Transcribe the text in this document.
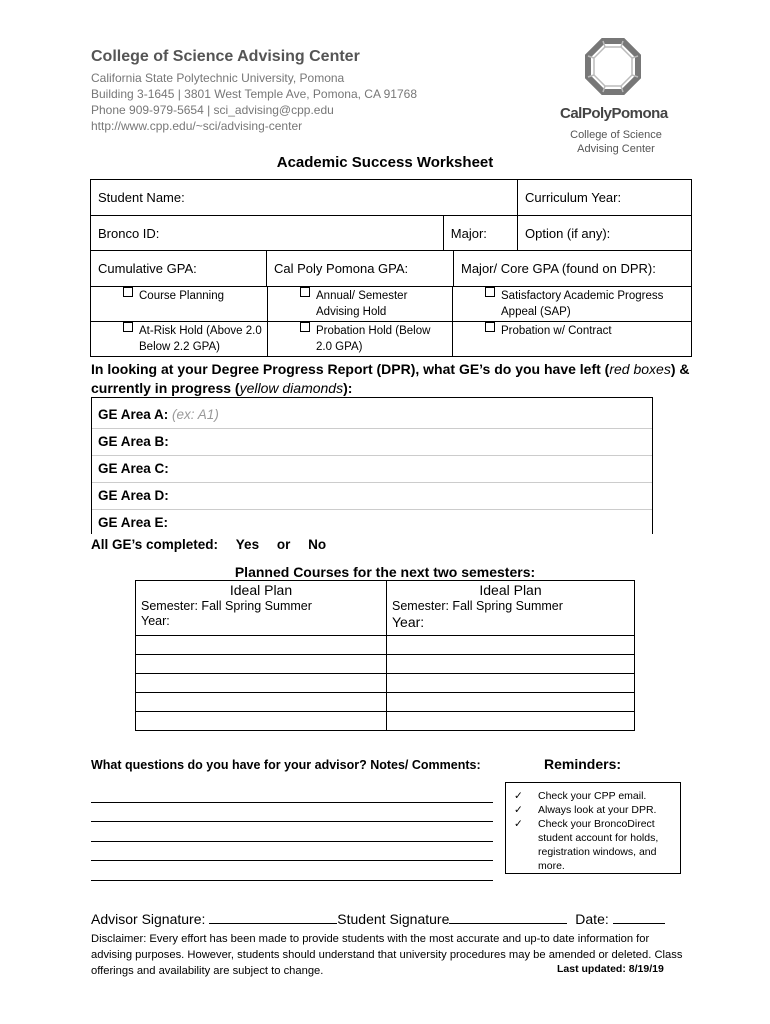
College of Science Advising Center
California State Polytechnic University, Pomona
Building 3-1645 | 3801 West Temple Ave, Pomona, CA 91768
Phone 909-979-5654 | sci_advising@cpp.edu
http://www.cpp.edu/~sci/advising-center
CalPolyPomona
College of Science
Advising Center
Academic Success Worksheet
Student Name:		Curriculum Year:
Bronco ID:	Major:	Option (if any):
Cumulative GPA:	Cal Poly Pomona GPA:	Major/ Core GPA (found on DPR):
Course Planning	Annual/ Semester Advising Hold	Satisfactory Academic Progress Appeal (SAP)

At-Risk Hold (Above 2.0 Below 2.2 GPA)	Probation Hold (Below 2.0 GPA)	Probation w/ Contract
In looking at your Degree Progress Report (DPR), what GE’s do you have left (red boxes) & currently in progress (yellow diamonds):
GE Area A: (ex: A1)
GE Area B:
GE Area C:
GE Area D:
GE Area E:
All GE’s completed: Yes or No
Planned Courses for the next two semesters:
Ideal Plan
Semester: Fall Spring Summer
Year:	Ideal Plan
Semester: Fall Spring Summer
Year:

What questions do you have for your advisor? Notes/ Comments:	Reminders:
✓	Check your CPP email.
✓	Always look at your DPR.
✓	Check your BroncoDirect student account for holds, registration windows, and more.
Advisor Signature:	Student Signature	Date:
Disclaimer: Every effort has been made to provide students with the most accurate and up-to date information for advising purposes. However, students should understand that university procedures may be amended or deleted. Class offerings and availability are subject to change.	Last updated: 8/19/19
